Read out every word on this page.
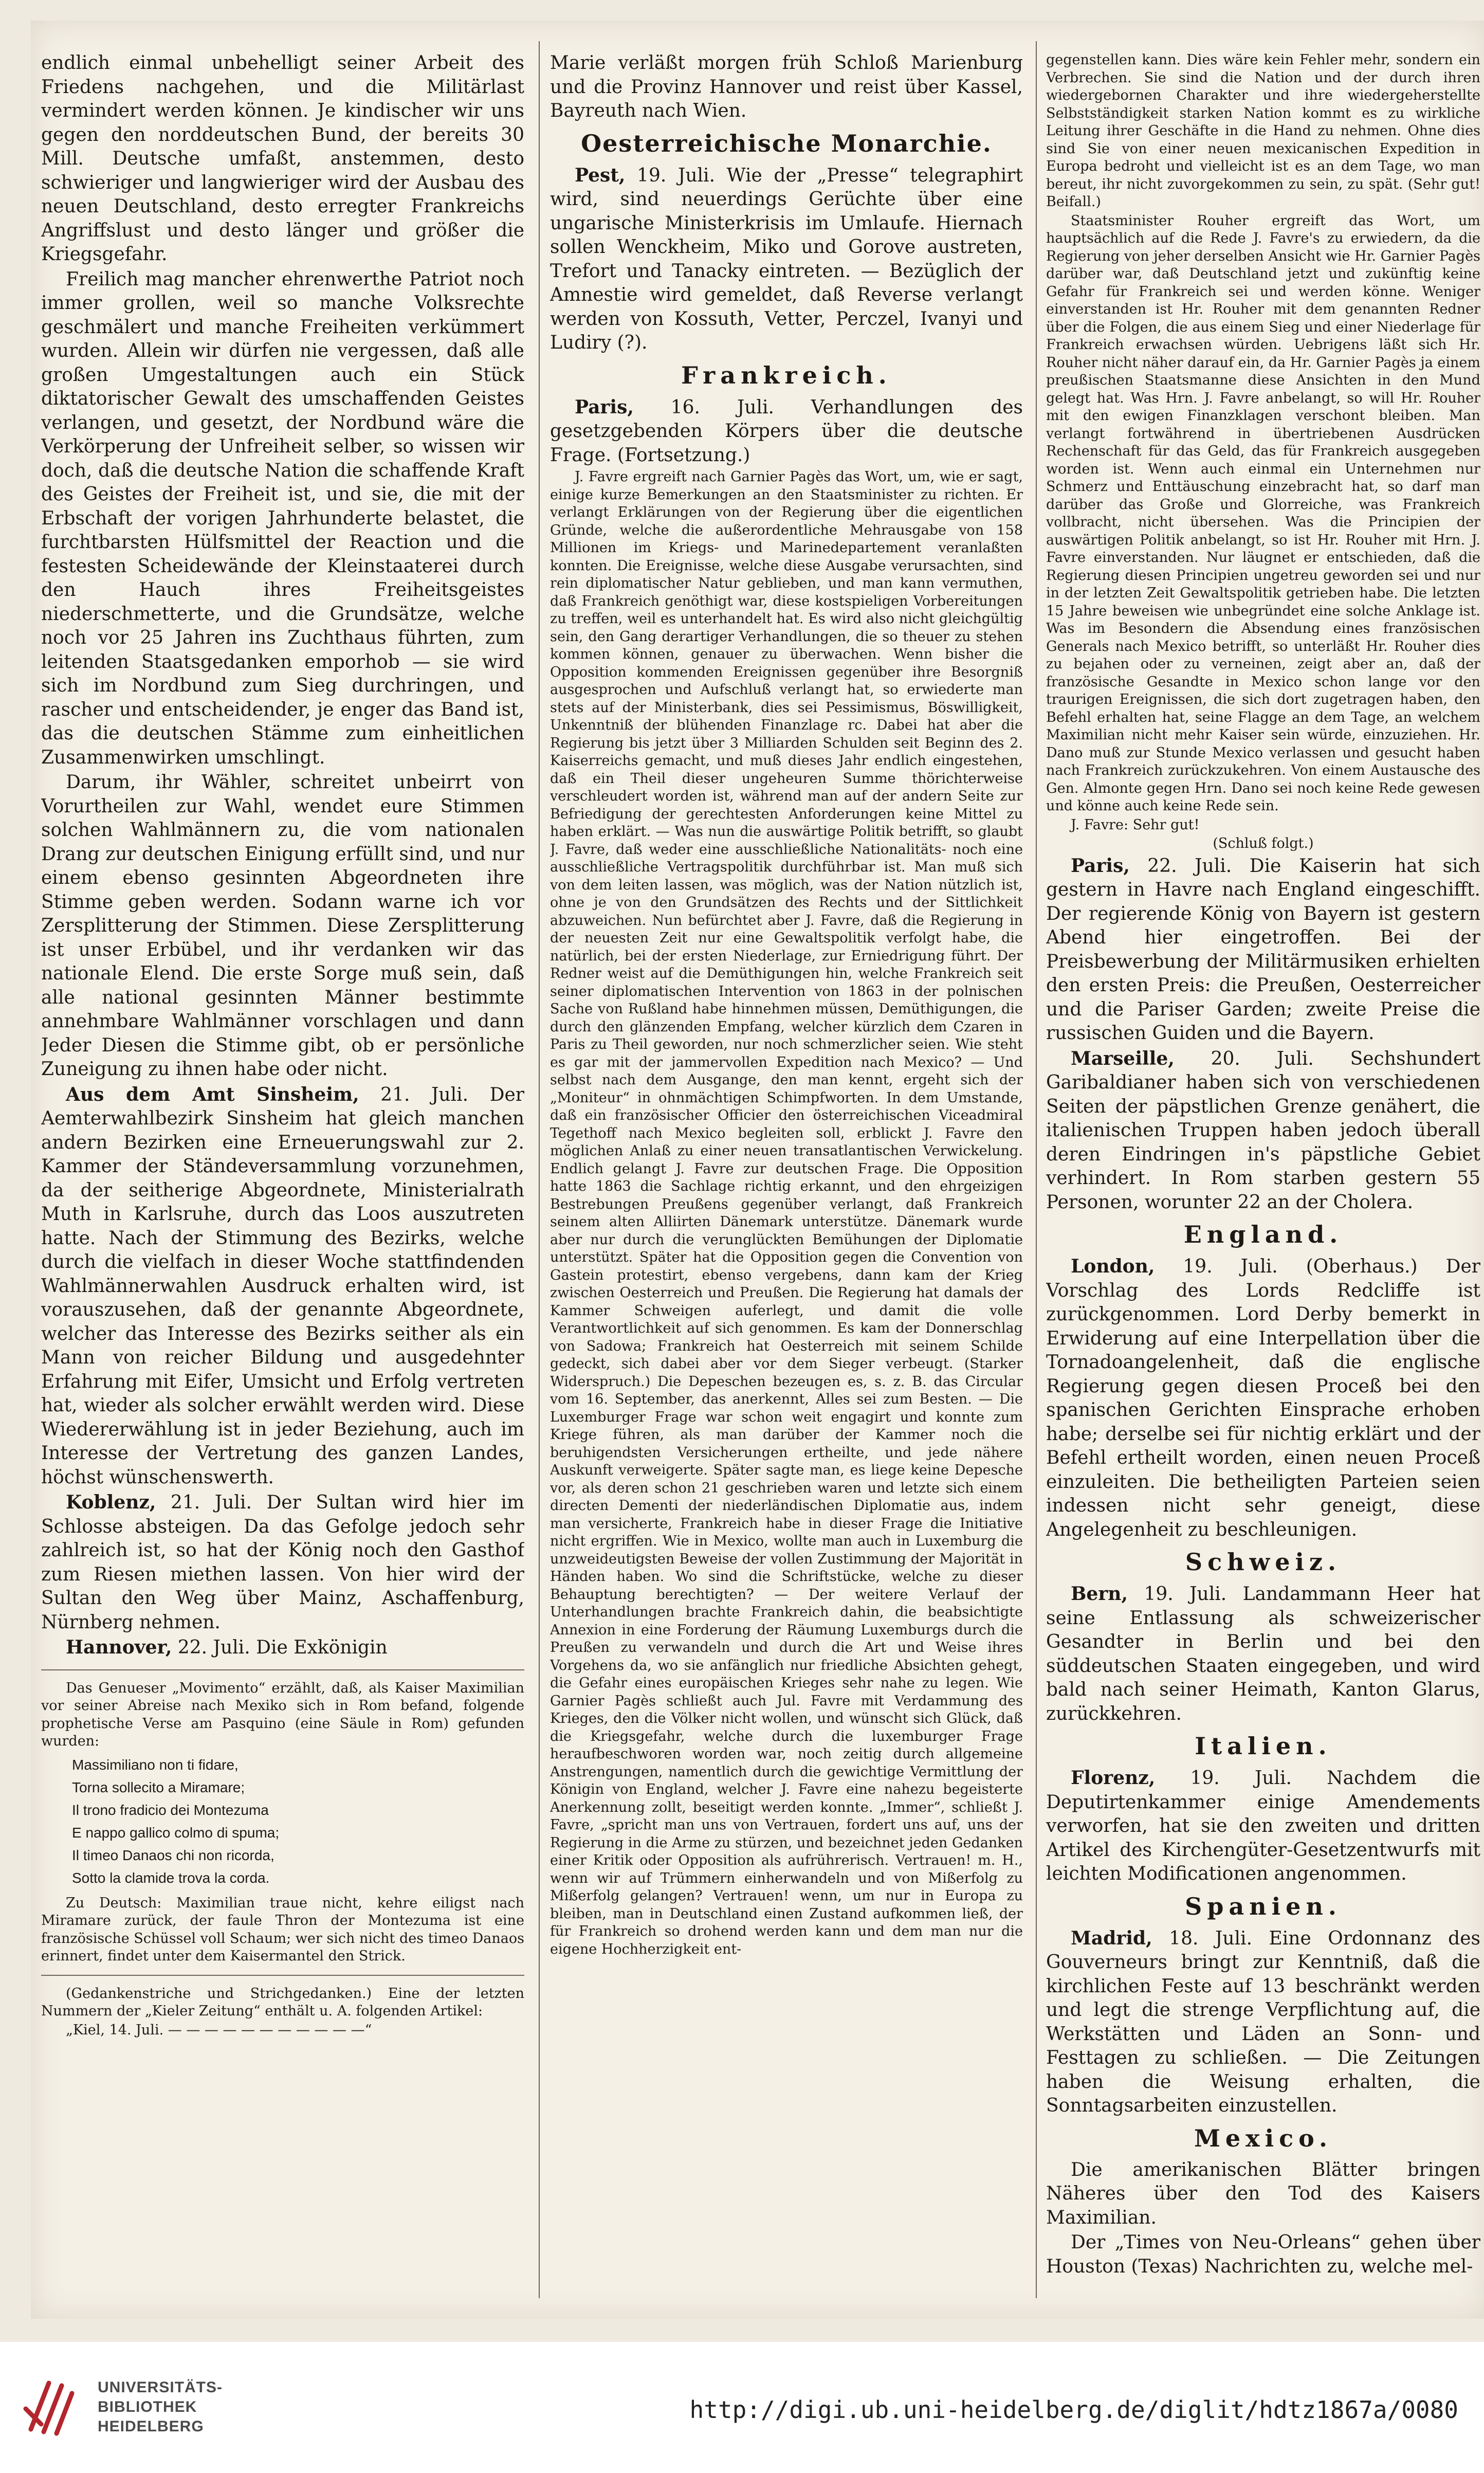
endlich einmal unbehelligt seiner Arbeit des Friedens nachgehen, und die Militärlast vermindert werden können. Je kindischer wir uns gegen den norddeutschen Bund, der bereits 30 Mill. Deutsche umfaßt, anstemmen, desto schwieriger und langwieriger wird der Ausbau des neuen Deutschland, desto erregter Frankreichs Angriffslust und desto länger und größer die Kriegsgefahr.

Freilich mag mancher ehrenwerthe Patriot noch immer grollen, weil so manche Volksrechte geschmälert und manche Freiheiten verkümmert wurden. Allein wir dürfen nie vergessen, daß alle großen Umgestaltungen auch ein Stück diktatorischer Gewalt des umschaffenden Geistes verlangen, und gesetzt, der Nordbund wäre die Verkörperung der Unfreiheit selber, so wissen wir doch, daß die deutsche Nation die schaffende Kraft des Geistes der Freiheit ist, und sie, die mit der Erbschaft der vorigen Jahrhunderte belastet, die furchtbarsten Hülfsmittel der Reaction und die festesten Scheidewände der Kleinstaaterei durch den Hauch ihres Freiheitsgeistes niederschmetterte, und die Grundsätze, welche noch vor 25 Jahren ins Zuchthaus führten, zum leitenden Staatsgedanken emporhob — sie wird sich im Nordbund zum Sieg durchringen, und rascher und entscheidender, je enger das Band ist, das die deutschen Stämme zum einheitlichen Zusammenwirken umschlingt.

Darum, ihr Wähler, schreitet unbeirrt von Vorurtheilen zur Wahl, wendet eure Stimmen solchen Wahlmännern zu, die vom nationalen Drang zur deutschen Einigung erfüllt sind, und nur einem ebenso gesinnten Abgeordneten ihre Stimme geben werden. Sodann warne ich vor Zersplitterung der Stimmen. Diese Zersplitterung ist unser Erbübel, und ihr verdanken wir das nationale Elend. Die erste Sorge muß sein, daß alle national gesinnten Männer bestimmte annehmbare Wahlmänner vorschlagen und dann Jeder Diesen die Stimme gibt, ob er persönliche Zuneigung zu ihnen habe oder nicht.

Aus dem Amt Sinsheim, 21. Juli. Der Aemterwahlbezirk Sinsheim hat gleich manchen andern Bezirken eine Erneuerungswahl zur 2. Kammer der Ständeversammlung vorzunehmen, da der seitherige Abgeordnete, Ministerialrath Muth in Karlsruhe, durch das Loos auszutreten hatte. Nach der Stimmung des Bezirks, welche durch die vielfach in dieser Woche stattfindenden Wahlmännerwahlen Ausdruck erhalten wird, ist vorauszusehen, daß der genannte Abgeordnete, welcher das Interesse des Bezirks seither als ein Mann von reicher Bildung und ausgedehnter Erfahrung mit Eifer, Umsicht und Erfolg vertreten hat, wieder als solcher erwählt werden wird. Diese Wiedererwählung ist in jeder Beziehung, auch im Interesse der Vertretung des ganzen Landes, höchst wünschenswerth.

Koblenz, 21. Juli. Der Sultan wird hier im Schlosse absteigen. Da das Gefolge jedoch sehr zahlreich ist, so hat der König noch den Gasthof zum Riesen miethen lassen. Von hier wird der Sultan den Weg über Mainz, Aschaffenburg, Nürnberg nehmen.

Hannover, 22. Juli. Die Exkönigin

Das Genueser „Movimento“ erzählt, daß, als Kaiser Maximilian vor seiner Abreise nach Mexiko sich in Rom befand, folgende prophetische Verse am Pasquino (eine Säule in Rom) gefunden wurden:

Massimiliano non ti fidare,

Torna sollecito a Miramare;

Il trono fradicio dei Montezuma

E nappo gallico colmo di spuma;

Il timeo Danaos chi non ricorda,

Sotto la clamide trova la corda.

Zu Deutsch: Maximilian traue nicht, kehre eiligst nach Miramare zurück, der faule Thron der Montezuma ist eine französische Schüssel voll Schaum; wer sich nicht des timeo Danaos erinnert, findet unter dem Kaisermantel den Strick.

(Gedankenstriche und Strichgedanken.) Eine der letzten Nummern der „Kieler Zeitung“ enthält u. A. folgenden Artikel:

„Kiel, 14. Juli. — — — — — — — — — — —“

Marie verläßt morgen früh Schloß Marienburg und die Provinz Hannover und reist über Kassel, Bayreuth nach Wien.

Oesterreichische Monarchie.

Pest, 19. Juli. Wie der „Presse“ telegraphirt wird, sind neuerdings Gerüchte über eine ungarische Ministerkrisis im Umlaufe. Hiernach sollen Wenckheim, Miko und Gorove austreten, Trefort und Tanacky eintreten. — Bezüglich der Amnestie wird gemeldet, daß Reverse verlangt werden von Kossuth, Vetter, Perczel, Ivanyi und Ludiry (?).

Frankreich.

Paris, 16. Juli. Verhandlungen des gesetzgebenden Körpers über die deutsche Frage. (Fortsetzung.)

J. Favre ergreift nach Garnier Pagès das Wort, um, wie er sagt, einige kurze Bemerkungen an den Staatsminister zu richten. Er verlangt Erklärungen von der Regierung über die eigentlichen Gründe, welche die außerordentliche Mehrausgabe von 158 Millionen im Kriegs- und Marinedepartement veranlaßten konnten. Die Ereignisse, welche diese Ausgabe verursachten, sind rein diplomatischer Natur geblieben, und man kann vermuthen, daß Frankreich genöthigt war, diese kostspieligen Vorbereitungen zu treffen, weil es unterhandelt hat. Es wird also nicht gleichgültig sein, den Gang derartiger Verhandlungen, die so theuer zu stehen kommen können, genauer zu überwachen. Wenn bisher die Opposition kommenden Ereignissen gegenüber ihre Besorgniß ausgesprochen und Aufschluß verlangt hat, so erwiederte man stets auf der Ministerbank, dies sei Pessimismus, Böswilligkeit, Unkenntniß der blühenden Finanzlage rc. Dabei hat aber die Regierung bis jetzt über 3 Milliarden Schulden seit Beginn des 2. Kaiserreichs gemacht, und muß dieses Jahr endlich eingestehen, daß ein Theil dieser ungeheuren Summe thörichterweise verschleudert worden ist, während man auf der andern Seite zur Befriedigung der gerechtesten Anforderungen keine Mittel zu haben erklärt. — Was nun die auswärtige Politik betrifft, so glaubt J. Favre, daß weder eine ausschließliche Nationalitäts- noch eine ausschließliche Vertragspolitik durchführbar ist. Man muß sich von dem leiten lassen, was möglich, was der Nation nützlich ist, ohne je von den Grundsätzen des Rechts und der Sittlichkeit abzuweichen. Nun befürchtet aber J. Favre, daß die Regierung in der neuesten Zeit nur eine Gewaltspolitik verfolgt habe, die natürlich, bei der ersten Niederlage, zur Erniedrigung führt. Der Redner weist auf die Demüthigungen hin, welche Frankreich seit seiner diplomatischen Intervention von 1863 in der polnischen Sache von Rußland habe hinnehmen müssen, Demüthigungen, die durch den glänzenden Empfang, welcher kürzlich dem Czaren in Paris zu Theil geworden, nur noch schmerzlicher seien. Wie steht es gar mit der jammervollen Expedition nach Mexico? — Und selbst nach dem Ausgange, den man kennt, ergeht sich der „Moniteur“ in ohnmächtigen Schimpfworten. In dem Umstande, daß ein französischer Officier den österreichischen Viceadmiral Tegethoff nach Mexico begleiten soll, erblickt J. Favre den möglichen Anlaß zu einer neuen transatlantischen Verwickelung. Endlich gelangt J. Favre zur deutschen Frage. Die Opposition hatte 1863 die Sachlage richtig erkannt, und den ehrgeizigen Bestrebungen Preußens gegenüber verlangt, daß Frankreich seinem alten Alliirten Dänemark unterstütze. Dänemark wurde aber nur durch die verunglückten Bemühungen der Diplomatie unterstützt. Später hat die Opposition gegen die Convention von Gastein protestirt, ebenso vergebens, dann kam der Krieg zwischen Oesterreich und Preußen. Die Regierung hat damals der Kammer Schweigen auferlegt, und damit die volle Verantwortlichkeit auf sich genommen. Es kam der Donnerschlag von Sadowa; Frankreich hat Oesterreich mit seinem Schilde gedeckt, sich dabei aber vor dem Sieger verbeugt. (Starker Widerspruch.) Die Depeschen bezeugen es, s. z. B. das Circular vom 16. September, das anerkennt, Alles sei zum Besten. — Die Luxemburger Frage war schon weit engagirt und konnte zum Kriege führen, als man darüber der Kammer noch die beruhigendsten Versicherungen ertheilte, und jede nähere Auskunft verweigerte. Später sagte man, es liege keine Depesche vor, als deren schon 21 geschrieben waren und letzte sich einem directen Dementi der niederländischen Diplomatie aus, indem man versicherte, Frankreich habe in dieser Frage die Initiative nicht ergriffen. Wie in Mexico, wollte man auch in Luxemburg die unzweideutigsten Beweise der vollen Zustimmung der Majorität in Händen haben. Wo sind die Schriftstücke, welche zu dieser Behauptung berechtigten? — Der weitere Verlauf der Unterhandlungen brachte Frankreich dahin, die beabsichtigte Annexion in eine Forderung der Räumung Luxemburgs durch die Preußen zu verwandeln und durch die Art und Weise ihres Vorgehens da, wo sie anfänglich nur friedliche Absichten gehegt, die Gefahr eines europäischen Krieges sehr nahe zu legen. Wie Garnier Pagès schließt auch Jul. Favre mit Verdammung des Krieges, den die Völker nicht wollen, und wünscht sich Glück, daß die Kriegsgefahr, welche durch die luxemburger Frage heraufbeschworen worden war, noch zeitig durch allgemeine Anstrengungen, namentlich durch die gewichtige Vermittlung der Königin von England, welcher J. Favre eine nahezu begeisterte Anerkennung zollt, beseitigt werden konnte. „Immer“, schließt J. Favre, „spricht man uns von Vertrauen, fordert uns auf, uns der Regierung in die Arme zu stürzen, und bezeichnet jeden Gedanken einer Kritik oder Opposition als aufrührerisch. Vertrauen! m. H., wenn wir auf Trümmern einherwandeln und von Mißerfolg zu Mißerfolg gelangen? Vertrauen! wenn, um nur in Europa zu bleiben, man in Deutschland einen Zustand aufkommen ließ, der für Frankreich so drohend werden kann und dem man nur die eigene Hochherzigkeit ent-

gegenstellen kann. Dies wäre kein Fehler mehr, sondern ein Verbrechen. Sie sind die Nation und der durch ihren wiedergebornen Charakter und ihre wiedergeherstellte Selbstständigkeit starken Nation kommt es zu wirkliche Leitung ihrer Geschäfte in die Hand zu nehmen. Ohne dies sind Sie von einer neuen mexicanischen Expedition in Europa bedroht und vielleicht ist es an dem Tage, wo man bereut, ihr nicht zuvorgekommen zu sein, zu spät. (Sehr gut! Beifall.)

Staatsminister Rouher ergreift das Wort, um hauptsächlich auf die Rede J. Favre's zu erwiedern, da die Regierung von jeher derselben Ansicht wie Hr. Garnier Pagès darüber war, daß Deutschland jetzt und zukünftig keine Gefahr für Frankreich sei und werden könne. Weniger einverstanden ist Hr. Rouher mit dem genannten Redner über die Folgen, die aus einem Sieg und einer Niederlage für Frankreich erwachsen würden. Uebrigens läßt sich Hr. Rouher nicht näher darauf ein, da Hr. Garnier Pagès ja einem preußischen Staatsmanne diese Ansichten in den Mund gelegt hat. Was Hrn. J. Favre anbelangt, so will Hr. Rouher mit den ewigen Finanzklagen verschont bleiben. Man verlangt fortwährend in übertriebenen Ausdrücken Rechenschaft für das Geld, das für Frankreich ausgegeben worden ist. Wenn auch einmal ein Unternehmen nur Schmerz und Enttäuschung einzebracht hat, so darf man darüber das Große und Glorreiche, was Frankreich vollbracht, nicht übersehen. Was die Principien der auswärtigen Politik anbelangt, so ist Hr. Rouher mit Hrn. J. Favre einverstanden. Nur läugnet er entschieden, daß die Regierung diesen Principien ungetreu geworden sei und nur in der letzten Zeit Gewaltspolitik getrieben habe. Die letzten 15 Jahre beweisen wie unbegründet eine solche Anklage ist. Was im Besondern die Absendung eines französischen Generals nach Mexico betrifft, so unterläßt Hr. Rouher dies zu bejahen oder zu verneinen, zeigt aber an, daß der französische Gesandte in Mexico schon lange vor den traurigen Ereignissen, die sich dort zugetragen haben, den Befehl erhalten hat, seine Flagge an dem Tage, an welchem Maximilian nicht mehr Kaiser sein würde, einzuziehen. Hr. Dano muß zur Stunde Mexico verlassen und gesucht haben nach Frankreich zurückzukehren. Von einem Austausche des Gen. Almonte gegen Hrn. Dano sei noch keine Rede gewesen und könne auch keine Rede sein.

J. Favre: Sehr gut!

(Schluß folgt.)

Paris, 22. Juli. Die Kaiserin hat sich gestern in Havre nach England eingeschifft. Der regierende König von Bayern ist gestern Abend hier eingetroffen. Bei der Preisbewerbung der Militärmusiken erhielten den ersten Preis: die Preußen, Oesterreicher und die Pariser Garden; zweite Preise die russischen Guiden und die Bayern.

Marseille, 20. Juli. Sechshundert Garibaldianer haben sich von verschiedenen Seiten der päpstlichen Grenze genähert, die italienischen Truppen haben jedoch überall deren Eindringen in's päpstliche Gebiet verhindert. In Rom starben gestern 55 Personen, worunter 22 an der Cholera.

England.

London, 19. Juli. (Oberhaus.) Der Vorschlag des Lords Redcliffe ist zurückgenommen. Lord Derby bemerkt in Erwiderung auf eine Interpellation über die Tornadoangelenheit, daß die englische Regierung gegen diesen Proceß bei den spanischen Gerichten Einsprache erhoben habe; derselbe sei für nichtig erklärt und der Befehl ertheilt worden, einen neuen Proceß einzuleiten. Die betheiligten Parteien seien indessen nicht sehr geneigt, diese Angelegenheit zu beschleunigen.

Schweiz.

Bern, 19. Juli. Landammann Heer hat seine Entlassung als schweizerischer Gesandter in Berlin und bei den süddeutschen Staaten eingegeben, und wird bald nach seiner Heimath, Kanton Glarus, zurückkehren.

Italien.

Florenz, 19. Juli. Nachdem die Deputirtenkammer einige Amendements verworfen, hat sie den zweiten und dritten Artikel des Kirchengüter-Gesetzentwurfs mit leichten Modificationen angenommen.

Spanien.

Madrid, 18. Juli. Eine Ordonnanz des Gouverneurs bringt zur Kenntniß, daß die kirchlichen Feste auf 13 beschränkt werden und legt die strenge Verpflichtung auf, die Werkstätten und Läden an Sonn- und Festtagen zu schließen. — Die Zeitungen haben die Weisung erhalten, die Sonntagsarbeiten einzustellen.

Mexico.

Die amerikanischen Blätter bringen Näheres über den Tod des Kaisers Maximilian.

Der „Times von Neu-Orleans“ gehen über Houston (Texas) Nachrichten zu, welche mel-

UNIVERSITÄTS-
BIBLIOTHEK
HEIDELBERG
http://digi.ub.uni-heidelberg.de/diglit/hdtz1867a/0080
